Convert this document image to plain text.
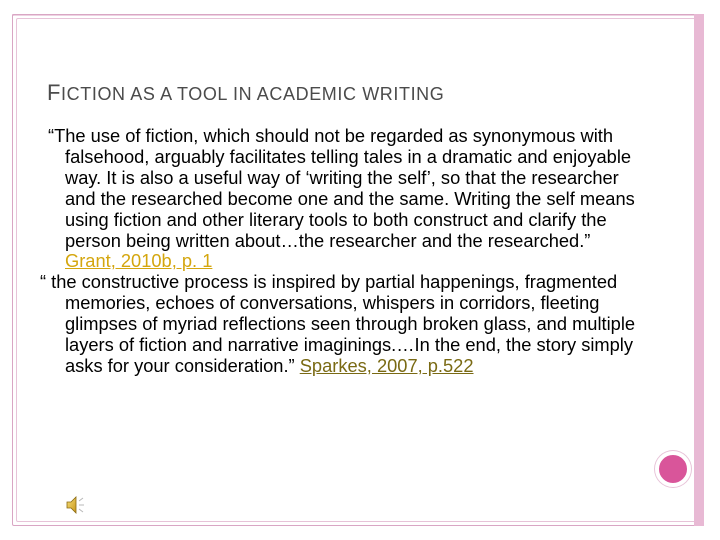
FICTION AS A TOOL IN ACADEMIC WRITING

“The use of fiction, which should not be regarded as synonymous with falsehood, arguably facilitates telling tales in a dramatic and enjoyable way. It is also a useful way of ‘writing the self’, so that the researcher and the researched become one and the same. Writing the self means using fiction and other literary tools to both construct and clarify the person being written about…the researcher and the researched.” Grant, 2010b, p. 1

“ the constructive process is inspired by partial happenings, fragmented memories, echoes of conversations, whispers in corridors, fleeting glimpses of myriad reflections seen through broken glass, and multiple layers of fiction and narrative imaginings.…In the end, the story simply asks for your consideration.” Sparkes, 2007, p.522
